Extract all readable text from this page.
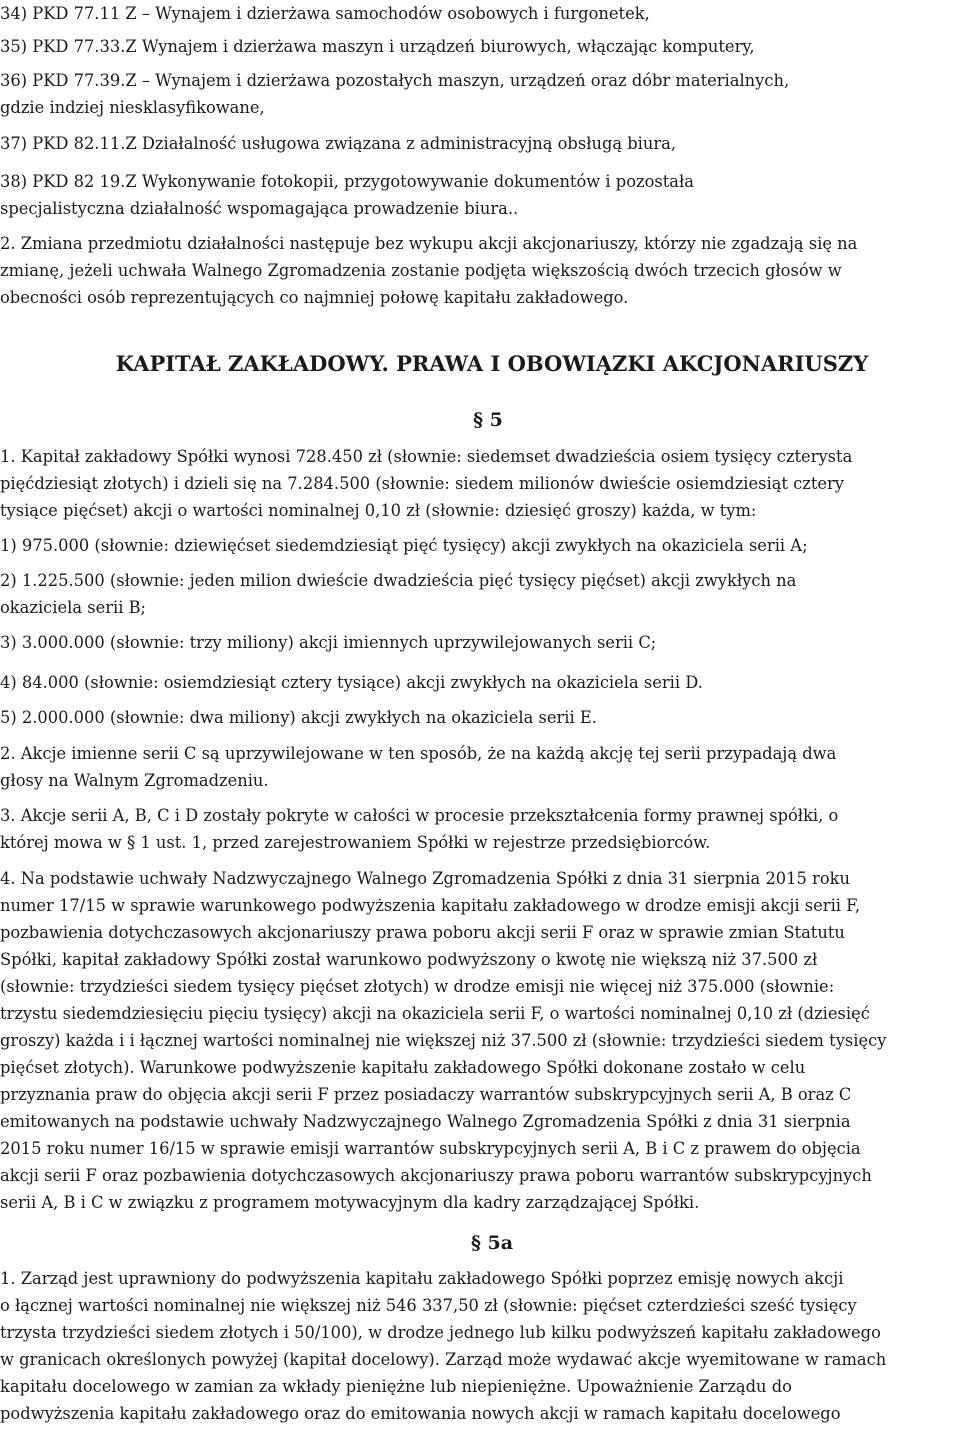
34) PKD 77.11 Z – Wynajem i dzierżawa samochodów osobowych i furgonetek,
35) PKD 77.33.Z Wynajem i dzierżawa maszyn i urządzeń biurowych, włączając komputery,
36) PKD 77.39.Z – Wynajem i dzierżawa pozostałych maszyn, urządzeń oraz dóbr materialnych,
gdzie indziej niesklasyfikowane,
37) PKD 82.11.Z Działalność usługowa związana z administracyjną obsługą biura,
38) PKD 82 19.Z Wykonywanie fotokopii, przygotowywanie dokumentów i pozostała
specjalistyczna działalność wspomagająca prowadzenie biura..
2. Zmiana przedmiotu działalności następuje bez wykupu akcji akcjonariuszy, którzy nie zgadzają się na
zmianę, jeżeli uchwała Walnego Zgromadzenia zostanie podjęta większością dwóch trzecich głosów w
obecności osób reprezentujących co najmniej połowę kapitału zakładowego.
KAPITAŁ ZAKŁADOWY. PRAWA I OBOWIĄZKI AKCJONARIUSZY
§ 5
1. Kapitał zakładowy Spółki wynosi 728.450 zł (słownie: siedemset dwadzieścia osiem tysięcy czterysta
pięćdziesiąt złotych) i dzieli się na 7.284.500 (słownie: siedem milionów dwieście osiemdziesiąt cztery
tysiące pięćset) akcji o wartości nominalnej 0,10 zł (słownie: dziesięć groszy) każda, w tym:
1) 975.000 (słownie: dziewięćset siedemdziesiąt pięć tysięcy) akcji zwykłych na okaziciela serii A;
2) 1.225.500 (słownie: jeden milion dwieście dwadzieścia pięć tysięcy pięćset) akcji zwykłych na
okaziciela serii B;
3) 3.000.000 (słownie: trzy miliony) akcji imiennych uprzywilejowanych serii C;
4) 84.000 (słownie: osiemdziesiąt cztery tysiące) akcji zwykłych na okaziciela serii D.
5) 2.000.000 (słownie: dwa miliony) akcji zwykłych na okaziciela serii E.
2. Akcje imienne serii C są uprzywilejowane w ten sposób, że na każdą akcję tej serii przypadają dwa
głosy na Walnym Zgromadzeniu.
3. Akcje serii A, B, C i D zostały pokryte w całości w procesie przekształcenia formy prawnej spółki, o
której mowa w § 1 ust. 1, przed zarejestrowaniem Spółki w rejestrze przedsiębiorców.
4. Na podstawie uchwały Nadzwyczajnego Walnego Zgromadzenia Spółki z dnia 31 sierpnia 2015 roku
numer 17/15 w sprawie warunkowego podwyższenia kapitału zakładowego w drodze emisji akcji serii F,
pozbawienia dotychczasowych akcjonariuszy prawa poboru akcji serii F oraz w sprawie zmian Statutu
Spółki, kapitał zakładowy Spółki został warunkowo podwyższony o kwotę nie większą niż 37.500 zł
(słownie: trzydzieści siedem tysięcy pięćset złotych) w drodze emisji nie więcej niż 375.000 (słownie:
trzystu siedemdziesięciu pięciu tysięcy) akcji na okaziciela serii F, o wartości nominalnej 0,10 zł (dziesięć
groszy) każda i i łącznej wartości nominalnej nie większej niż 37.500 zł (słownie: trzydzieści siedem tysięcy
pięćset złotych). Warunkowe podwyższenie kapitału zakładowego Spółki dokonane zostało w celu
przyznania praw do objęcia akcji serii F przez posiadaczy warrantów subskrypcyjnych serii A, B oraz C
emitowanych na podstawie uchwały Nadzwyczajnego Walnego Zgromadzenia Spółki z dnia 31 sierpnia
2015 roku numer 16/15 w sprawie emisji warrantów subskrypcyjnych serii A, B i C z prawem do objęcia
akcji serii F oraz pozbawienia dotychczasowych akcjonariuszy prawa poboru warrantów subskrypcyjnych
serii A, B i C w związku z programem motywacyjnym dla kadry zarządzającej Spółki.
§ 5a
1. Zarząd jest uprawniony do podwyższenia kapitału zakładowego Spółki poprzez emisję nowych akcji
o łącznej wartości nominalnej nie większej niż 546 337,50 zł (słownie: pięćset czterdzieści sześć tysięcy
trzysta trzydzieści siedem złotych i 50/100), w drodze jednego lub kilku podwyższeń kapitału zakładowego
w granicach określonych powyżej (kapitał docelowy). Zarząd może wydawać akcje wyemitowane w ramach
kapitału docelowego w zamian za wkłady pieniężne lub niepieniężne. Upoważnienie Zarządu do
podwyższenia kapitału zakładowego oraz do emitowania nowych akcji w ramach kapitału docelowego
